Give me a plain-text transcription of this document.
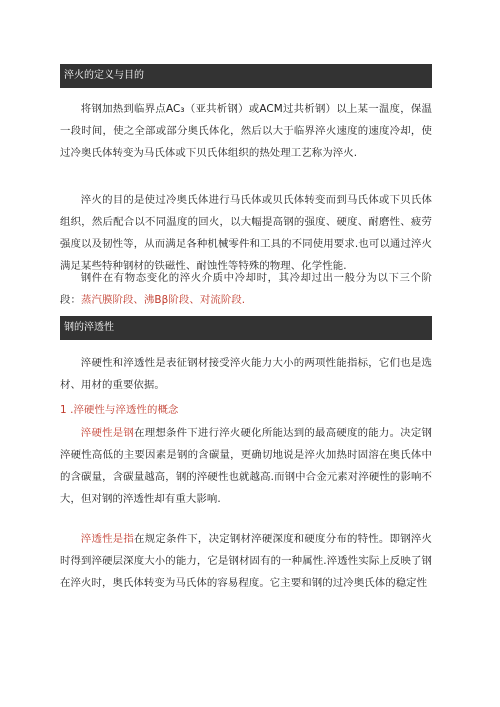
淬火的定义与目的

将钢加热到临界点AC₃（亚共析钢）或ACM过共析钢）以上某一温度，保温一段时间，使之全部或部分奥氏体化，然后以大于临界淬火速度的速度冷却，使过冷奥氏体转变为马氏体或下贝氏体组织的热处理工艺称为淬火.

淬火的目的是使过冷奥氏体进行马氏体或贝氏体转变而到马氏体或下贝氏体组织，然后配合以不同温度的回火，以大幅提高钢的强度、硬度、耐磨性、疲劳强度以及韧性等，从而满足各种机械零件和工具的不同使用要求.也可以通过淬火满足某些特种钢材的铁磁性、耐蚀性等特殊的物理、化学性能.

钢件在有物态变化的淬火介质中冷却时，其冷却过出一般分为以下三个阶段：蒸汽膜阶段、沸Bβ阶段、对流阶段.

钢的淬透性

淬硬性和淬透性是表征钢材接受淬火能力大小的两项性能指标，它们也是选材、用材的重要依据。

1 .淬硬性与淬透性的概念

淬硬性是钢在理想条件下进行淬火硬化所能达到的最高硬度的能力。决定钢淬硬性高低的主要因素是钢的含碳量，更确切地说是淬火加热时固溶在奥氏体中的含碳量，含碳量越高，钢的淬硬性也就越高.而钢中合金元素对淬硬性的影响不大，但对钢的淬透性却有重大影响.

淬透性是指在规定条件下，决定钢材淬硬深度和硬度分布的特性。即钢淬火时得到淬硬层深度大小的能力，它是钢材固有的一种属性.淬透性实际上反映了钢在淬火时，奥氏体转变为马氏体的容易程度。它主要和钢的过冷奥氏体的稳定性
